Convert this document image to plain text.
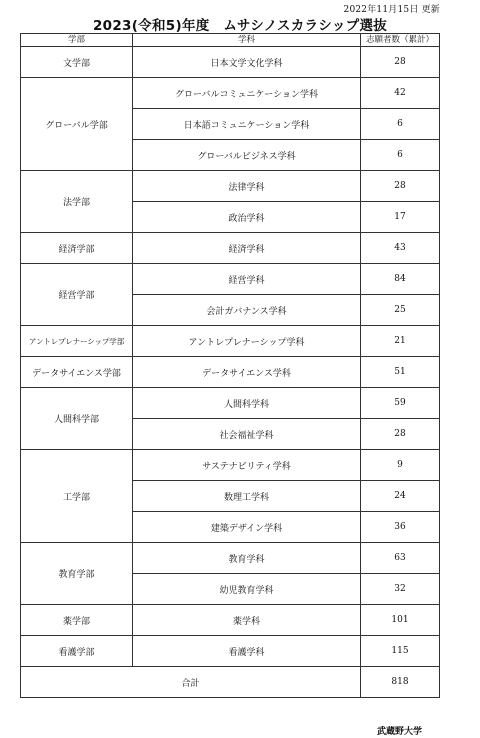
2022年11月15日 更新
2023(令和5)年度　ムサシノスカラシップ選抜
学部	学科	志願者数（累計）
文学部	日本文学文化学科	28
グローバル学部	グローバルコミュニケーション学科	42
	日本語コミュニケーション学科	6
	グローバルビジネス学科	6
法学部	法律学科	28
	政治学科	17
経済学部	経済学科	43
経営学部	経営学科	84
	会計ガバナンス学科	25
アントレプレナーシップ学部	アントレプレナーシップ学科	21
データサイエンス学部	データサイエンス学科	51
人間科学部	人間科学科	59
	社会福祉学科	28
工学部	サステナビリティ学科	9
	数理工学科	24
	建築デザイン学科	36
教育学部	教育学科	63
	幼児教育学科	32
薬学部	薬学科	101
看護学部	看護学科	115
合計		818
武蔵野大学
